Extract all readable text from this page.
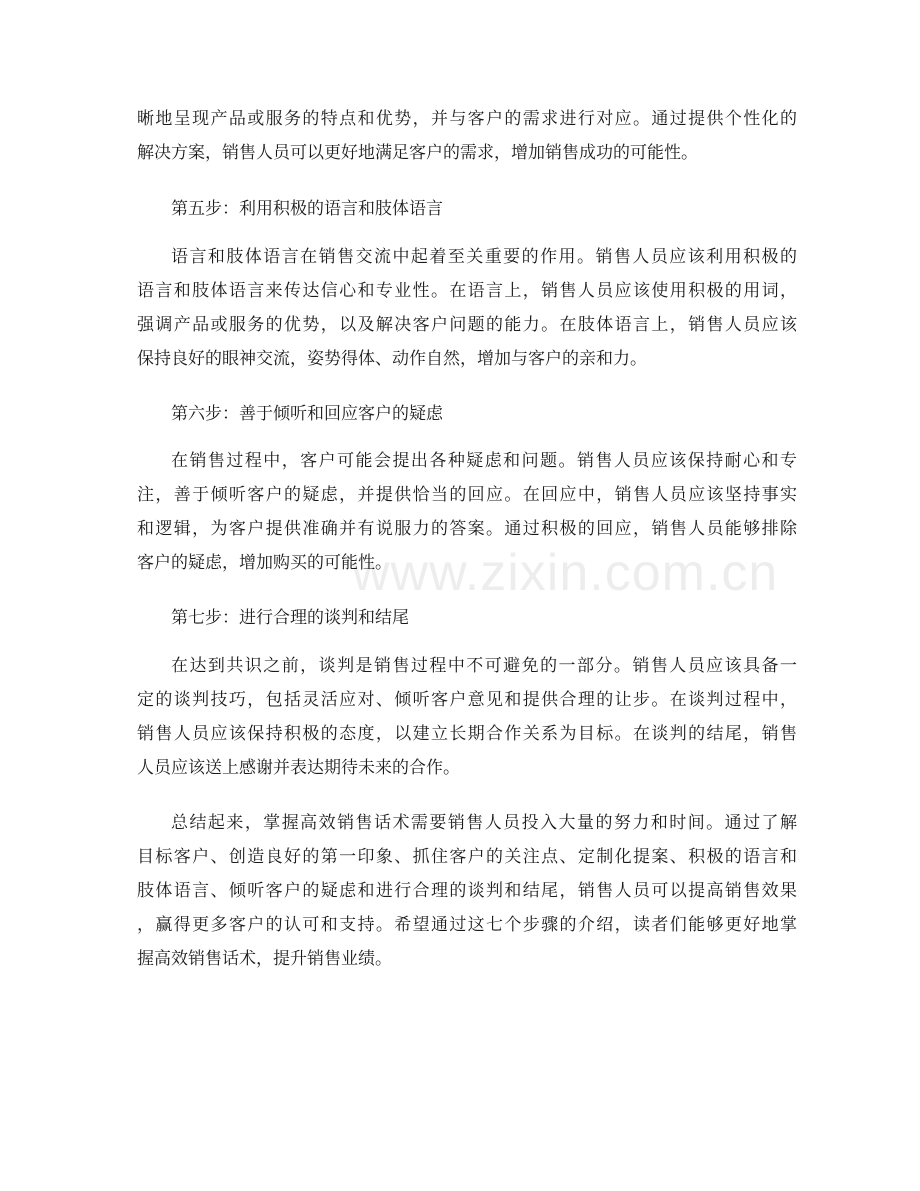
晰地呈现产品或服务的特点和优势，并与客户的需求进行对应。通过提供个性化的
解决方案，销售人员可以更好地满足客户的需求，增加销售成功的可能性。
第五步：利用积极的语言和肢体语言
语言和肢体语言在销售交流中起着至关重要的作用。销售人员应该利用积极的
语言和肢体语言来传达信心和专业性。在语言上，销售人员应该使用积极的用词，
强调产品或服务的优势，以及解决客户问题的能力。在肢体语言上，销售人员应该
保持良好的眼神交流，姿势得体、动作自然，增加与客户的亲和力。
第六步：善于倾听和回应客户的疑虑
在销售过程中，客户可能会提出各种疑虑和问题。销售人员应该保持耐心和专
注，善于倾听客户的疑虑，并提供恰当的回应。在回应中，销售人员应该坚持事实
和逻辑，为客户提供准确并有说服力的答案。通过积极的回应，销售人员能够排除
客户的疑虑，增加购买的可能性。
第七步：进行合理的谈判和结尾
在达到共识之前，谈判是销售过程中不可避免的一部分。销售人员应该具备一
定的谈判技巧，包括灵活应对、倾听客户意见和提供合理的让步。在谈判过程中，
销售人员应该保持积极的态度，以建立长期合作关系为目标。在谈判的结尾，销售
人员应该送上感谢并表达期待未来的合作。
总结起来，掌握高效销售话术需要销售人员投入大量的努力和时间。通过了解
目标客户、创造良好的第一印象、抓住客户的关注点、定制化提案、积极的语言和
肢体语言、倾听客户的疑虑和进行合理的谈判和结尾，销售人员可以提高销售效果
，赢得更多客户的认可和支持。希望通过这七个步骤的介绍，读者们能够更好地掌
握高效销售话术，提升销售业绩。
www.zixin.com.cn
